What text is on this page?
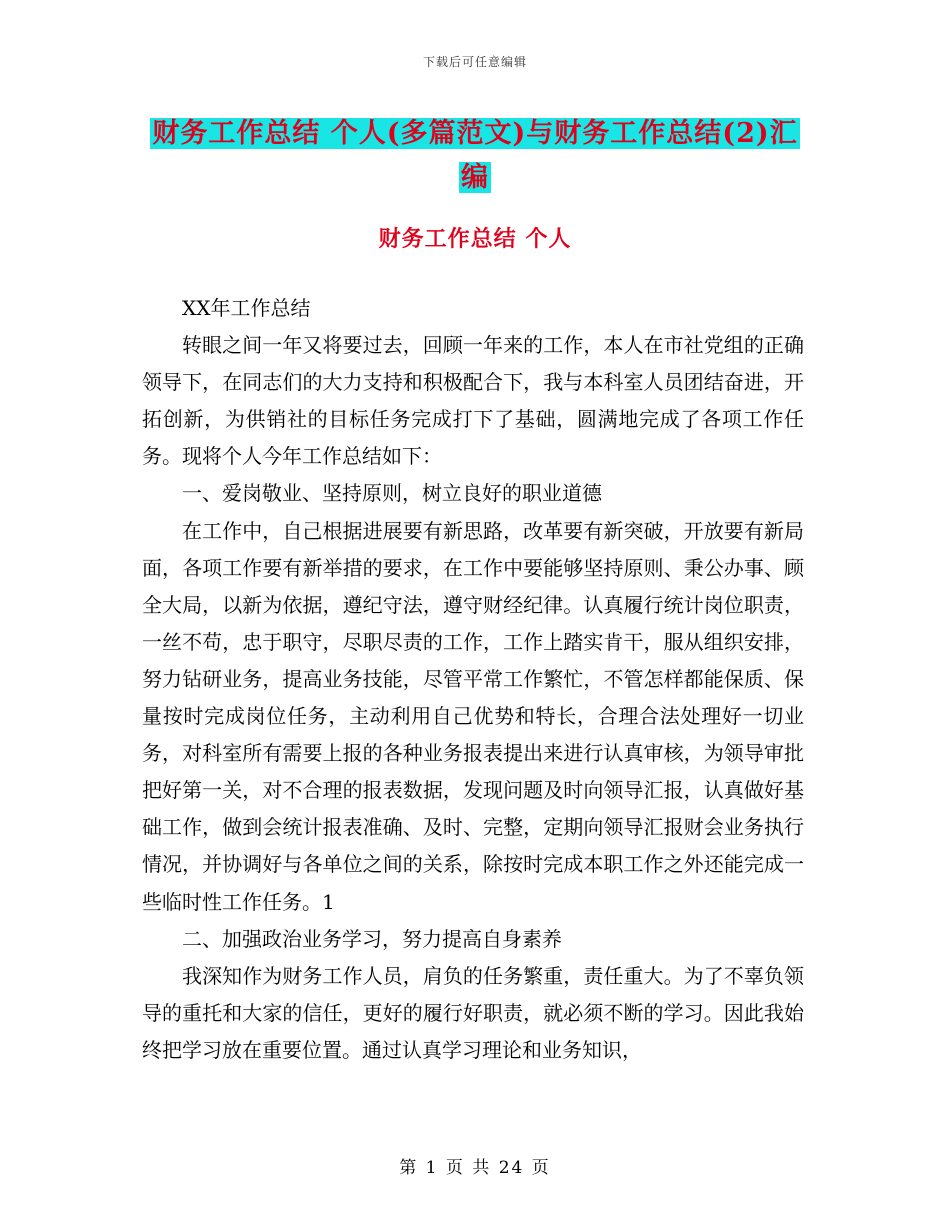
下载后可任意编辑
财务工作总结 个人(多篇范文)与财务工作总结(2)汇
编
财务工作总结 个人

XX年工作总结

转眼之间一年又将要过去，回顾一年来的工作，本人在市社党组的正确领导下，在同志们的大力支持和积极配合下，我与本科室人员团结奋进，开拓创新，为供销社的目标任务完成打下了基础，圆满地完成了各项工作任务。现将个人今年工作总结如下：

一、爱岗敬业、坚持原则，树立良好的职业道德

在工作中，自己根据进展要有新思路，改革要有新突破，开放要有新局面，各项工作要有新举措的要求，在工作中要能够坚持原则、秉公办事、顾全大局，以新为依据，遵纪守法，遵守财经纪律。认真履行统计岗位职责，一丝不苟，忠于职守，尽职尽责的工作，工作上踏实肯干，服从组织安排，努力钻研业务，提高业务技能，尽管平常工作繁忙，不管怎样都能保质、保量按时完成岗位任务，主动利用自己优势和特长，合理合法处理好一切业务，对科室所有需要上报的各种业务报表提出来进行认真审核，为领导审批把好第一关，对不合理的报表数据，发现问题及时向领导汇报，认真做好基础工作，做到会统计报表准确、及时、完整，定期向领导汇报财会业务执行情况，并协调好与各单位之间的关系，除按时完成本职工作之外还能完成一些临时性工作任务。1

二、加强政治业务学习，努力提高自身素养

我深知作为财务工作人员，肩负的任务繁重，责任重大。为了不辜负领导的重托和大家的信任，更好的履行好职责，就必须不断的学习。因此我始终把学习放在重要位置。通过认真学习理论和业务知识，

第 1 页 共 24 页
